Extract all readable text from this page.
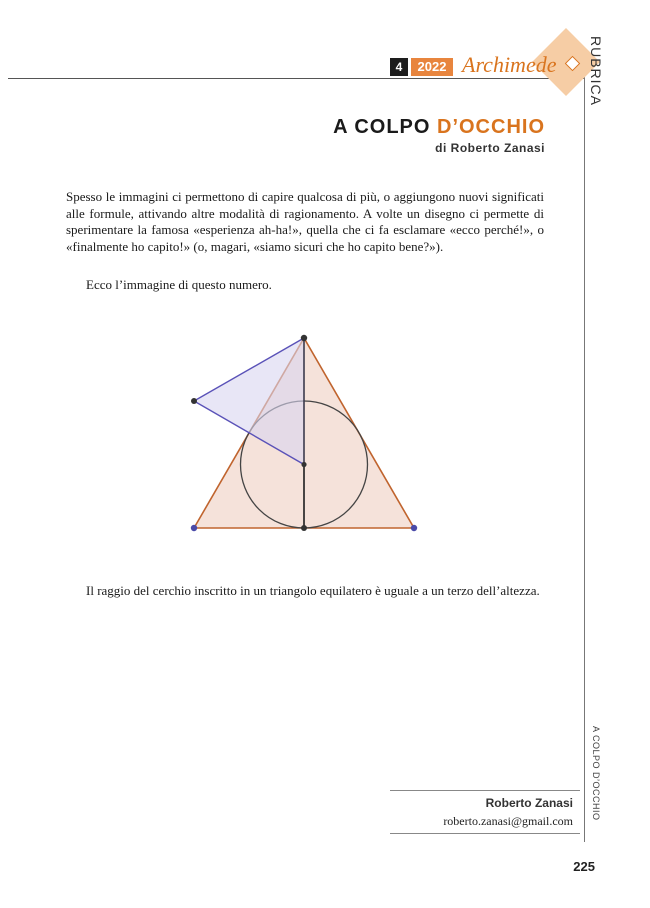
4	2022 Archimede RUBRICA
A COLPO D’OCCHIO
A COLPO D’OCCHIO
di Roberto Zanasi

Spesso le immagini ci permettono di capire qualcosa di più, o aggiungono nuovi significati alle formule, attivando altre modalità di ragionamento. A volte un disegno ci permette di sperimentare la famosa «esperienza ah-ha!», quella che ci fa esclamare «ecco perché!», o «finalmente ho capito!» (o, magari, «siamo sicuri che ho capito bene?»).

Ecco l’immagine di questo numero.

Il raggio del cerchio inscritto in un triangolo equilatero è uguale a un terzo dell’altezza.

Roberto Zanasi
roberto.zanasi@gmail.com
225
